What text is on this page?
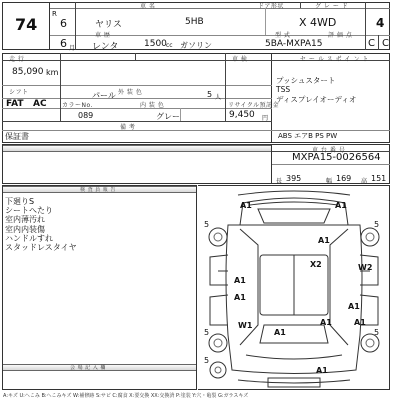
74
車 名	ドア形状	グ レ ー ド
R
6
6 月
ヤリス	5HB	X 4WD	4
車 歴	型 式	評 価 点
レンタ	1500 cc ガソリン	5BA-MXPA15	C C
走 行	車 検
85,090 km
シフト	外 装 色
FAT AC
パール	5 人
カラーNo.	内 装 色	リサイクル預託金
089	グレー	9,450 円
備 考
保証書
セ ー ル ス ポ イ ン ト
プッシュスタート
TSS
ディスプレイオーディオ
ABS エアB PS PW
車 台 番 号
MXPA15-0026564
長 395	幅 169 高 151
検 査 員 報 告
下廻りS
シートへたり
室内薄汚れ
室内内装傷
ハンドルすれ
スタッドレスタイヤ
会 場 記 入 欄
5	5
5	5
5
A1	A1
A1
X2	W2
A1
A1
W1
A1
A1
A1	A1
A1
A:キズ U:へこみ B:へこみキズ W:補修跡 S:サビ C:腐食 X:要交換 XX:交換済 P:塗装 Y:穴・亀裂 G:ガラスキズ
